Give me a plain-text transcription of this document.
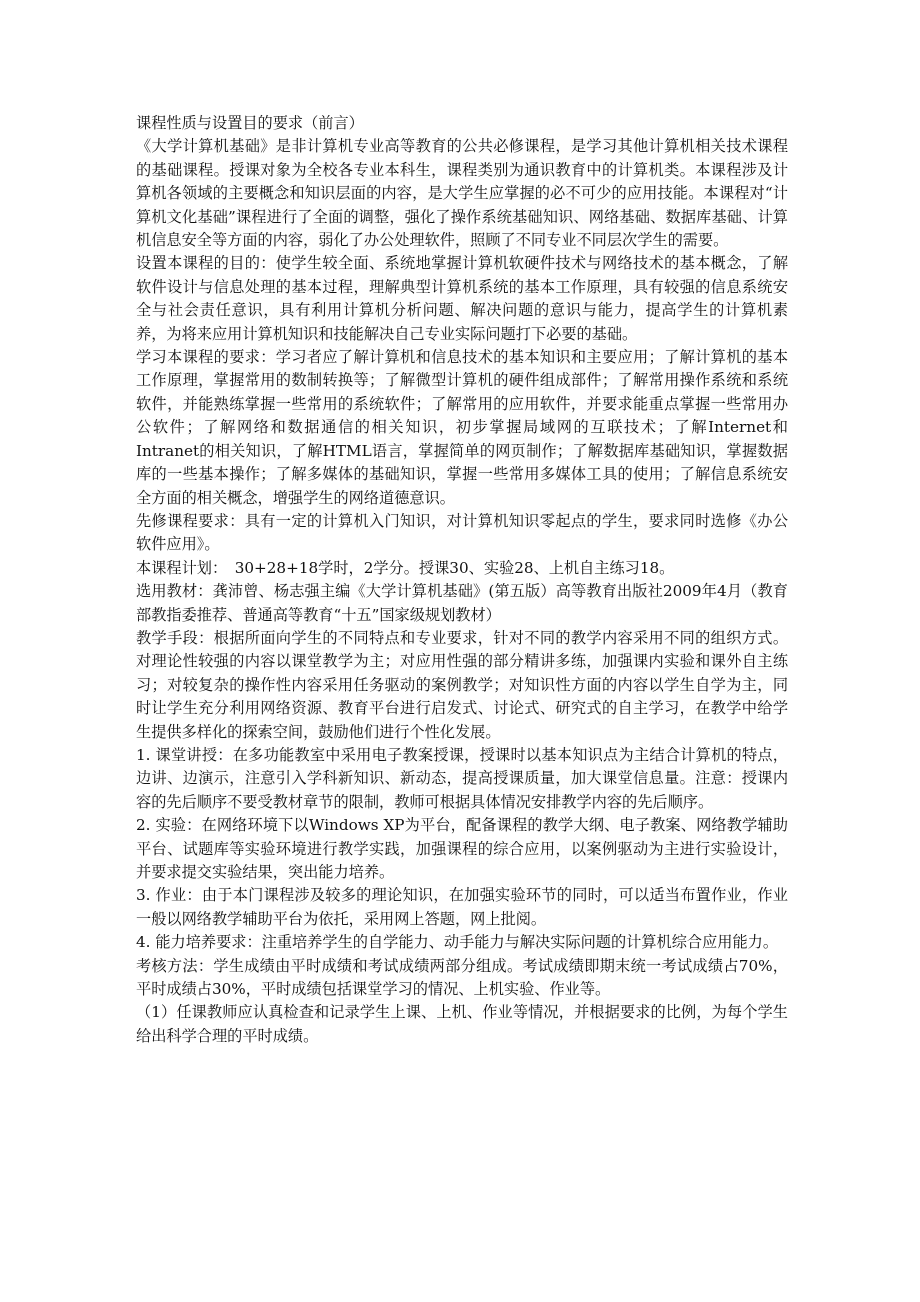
课程性质与设置目的要求（前言）

《大学计算机基础》是非计算机专业高等教育的公共必修课程，是学习其他计算机相关技术课程的基础课程。授课对象为全校各专业本科生，课程类别为通识教育中的计算机类。本课程涉及计算机各领域的主要概念和知识层面的内容，是大学生应掌握的必不可少的应用技能。本课程对“计算机文化基础”课程进行了全面的调整，强化了操作系统基础知识、网络基础、数据库基础、计算机信息安全等方面的内容，弱化了办公处理软件，照顾了不同专业不同层次学生的需要。

设置本课程的目的：使学生较全面、系统地掌握计算机软硬件技术与网络技术的基本概念，了解软件设计与信息处理的基本过程，理解典型计算机系统的基本工作原理，具有较强的信息系统安全与社会责任意识，具有利用计算机分析问题、解决问题的意识与能力，提高学生的计算机素养，为将来应用计算机知识和技能解决自己专业实际问题打下必要的基础。

学习本课程的要求：学习者应了解计算机和信息技术的基本知识和主要应用；了解计算机的基本工作原理，掌握常用的数制转换等；了解微型计算机的硬件组成部件；了解常用操作系统和系统软件，并能熟练掌握一些常用的系统软件；了解常用的应用软件，并要求能重点掌握一些常用办公软件；了解网络和数据通信的相关知识，初步掌握局域网的互联技术；了解Internet和Intranet的相关知识，了解HTML语言，掌握简单的网页制作；了解数据库基础知识，掌握数据库的一些基本操作；了解多媒体的基础知识，掌握一些常用多媒体工具的使用；了解信息系统安全方面的相关概念，增强学生的网络道德意识。

先修课程要求：具有一定的计算机入门知识，对计算机知识零起点的学生，要求同时选修《办公软件应用》。

本课程计划：　30+28+18学时，2学分。授课30、实验28、上机自主练习18。

选用教材：龚沛曾、杨志强主编《大学计算机基础》(第五版）高等教育出版社2009年4月（教育部教指委推荐、普通高等教育“十五”国家级规划教材）

教学手段：根据所面向学生的不同特点和专业要求，针对不同的教学内容采用不同的组织方式。对理论性较强的内容以课堂教学为主；对应用性强的部分精讲多练，加强课内实验和课外自主练习；对较复杂的操作性内容采用任务驱动的案例教学；对知识性方面的内容以学生自学为主，同时让学生充分利用网络资源、教育平台进行启发式、讨论式、研究式的自主学习，在教学中给学生提供多样化的探索空间，鼓励他们进行个性化发展。

1. 课堂讲授：在多功能教室中采用电子教案授课，授课时以基本知识点为主结合计算机的特点，边讲、边演示，注意引入学科新知识、新动态，提高授课质量，加大课堂信息量。注意：授课内容的先后顺序不要受教材章节的限制，教师可根据具体情况安排教学内容的先后顺序。

2. 实验：在网络环境下以Windows XP为平台，配备课程的教学大纲、电子教案、网络教学辅助平台、试题库等实验环境进行教学实践，加强课程的综合应用，以案例驱动为主进行实验设计，并要求提交实验结果，突出能力培养。

3. 作业：由于本门课程涉及较多的理论知识，在加强实验环节的同时，可以适当布置作业，作业一般以网络教学辅助平台为依托，采用网上答题，网上批阅。

4. 能力培养要求：注重培养学生的自学能力、动手能力与解决实际问题的计算机综合应用能力。

考核方法：学生成绩由平时成绩和考试成绩两部分组成。考试成绩即期末统一考试成绩占70%，平时成绩占30%，平时成绩包括课堂学习的情况、上机实验、作业等。

（1）任课教师应认真检查和记录学生上课、上机、作业等情况，并根据要求的比例，为每个学生给出科学合理的平时成绩。
